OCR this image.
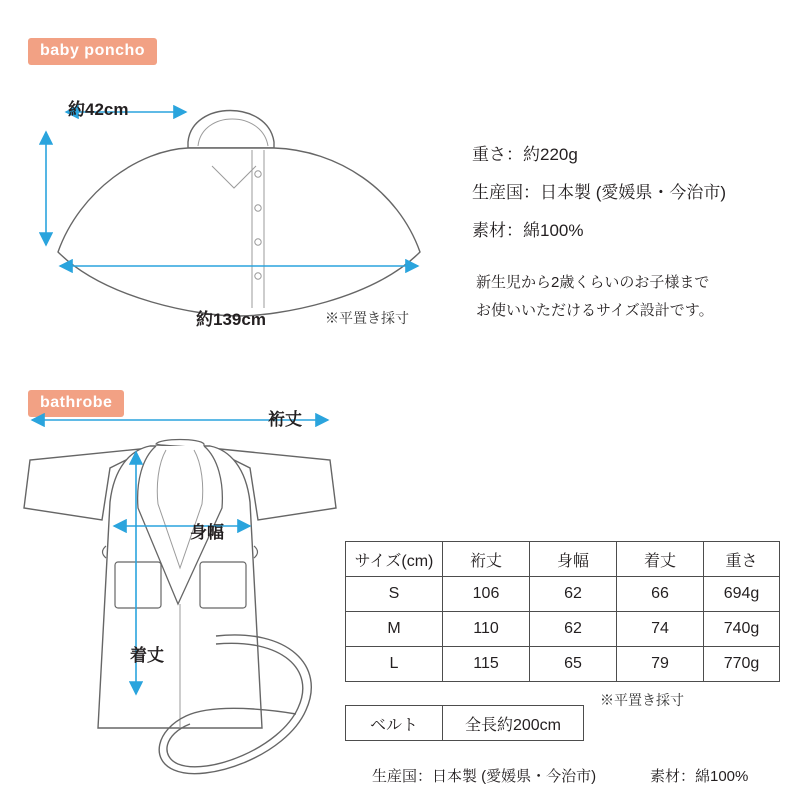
baby poncho
bathrobe
約42cm
約139cm	※平置き採寸
重さ：約220g
生産国：日本製 (愛媛県・今治市)
素材：綿100%
新生児から2歳くらいのお子様まで
お使いいただけるサイズ設計です。
裄丈
身幅
着丈
サイズ(cm)	裄丈	身幅	着丈	重さ
S	106	62	66	694g
M	110	62	74	740g
L	115	65	79	770g
※平置き採寸
ベルト	全長約200cm
生産国：日本製 (愛媛県・今治市)	素材：綿100%
